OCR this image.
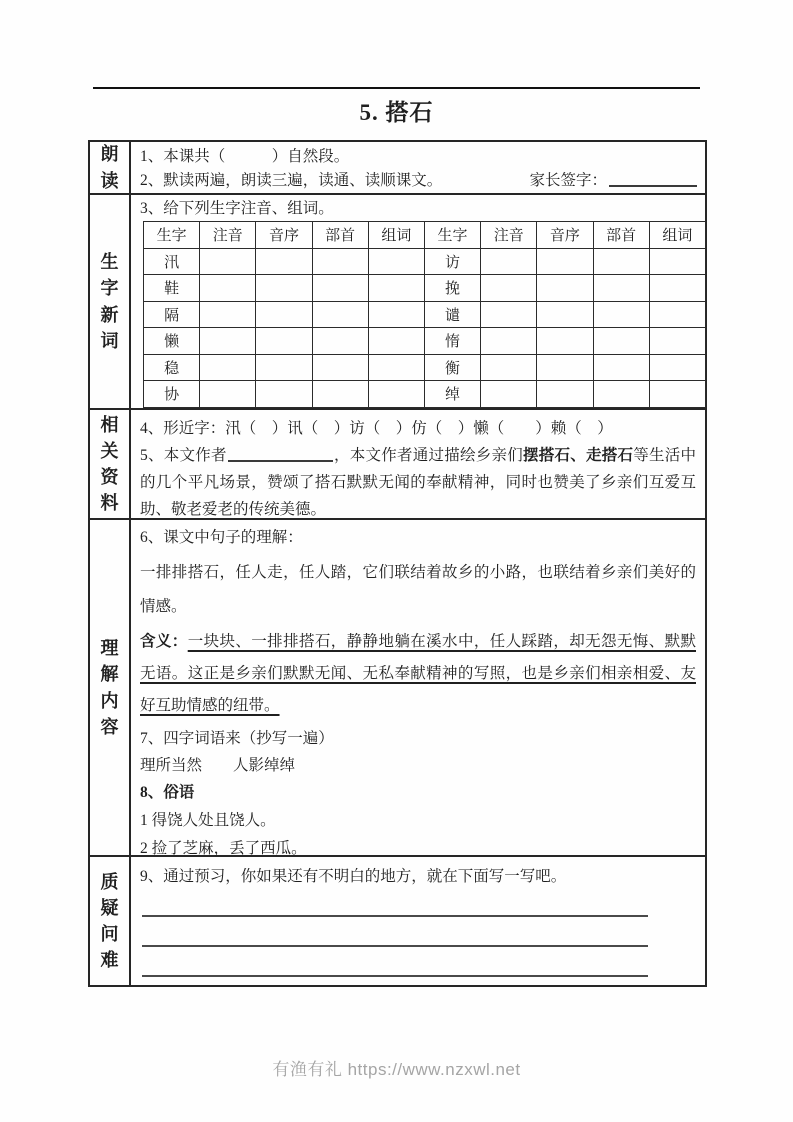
5. 搭石
朗读
1、本课共（　　　）自然段。
2、默读两遍，朗读三遍，读通、读顺课文。	家长签字：
生字新词
3、给下列生字注音、组词。
生字	注音	音序	部首	组词	生字	注音	音序	部首	组词
汛					访				
鞋					挽				
隔					谴				
懒					惰				
稳					衡				
协					绰				
相关资料
4、形近字：汛（　）讯（　）访（　）仿（　）懒（　　）赖（　）
5、本文作者	，本文作者通过描绘乡亲们摆搭石、走搭石等生活中的几个平凡场景，赞颂了搭石默默无闻的奉献精神，同时也赞美了乡亲们互爱互助、敬老爱老的传统美德。
理解内容
6、课文中句子的理解：
一排排搭石，任人走，任人踏，它们联结着故乡的小路，也联结着乡亲们美好的情感。
含义：一块块、一排排搭石，静静地躺在溪水中，任人踩踏，却无怨无悔、默默无语。这正是乡亲们默默无闻、无私奉献精神的写照，也是乡亲们相亲相爱、友好互助情感的纽带。
7、四字词语来（抄写一遍）
理所当然　　人影绰绰
8、俗语
1 得饶人处且饶人。
2 捡了芝麻，丢了西瓜。
质疑问难
9、通过预习，你如果还有不明白的地方，就在下面写一写吧。
有渔有礼 https://www.nzxwl.net
